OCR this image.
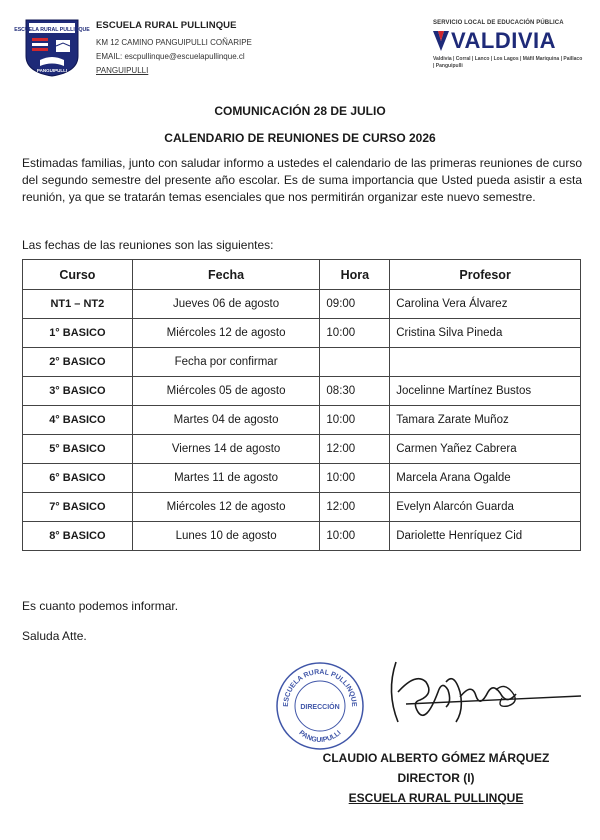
ESCUELA RURAL PULLINQUE
PANGUIPULLI
ESCUELA RURAL PULLINQUE
KM 12 CAMINO PANGUIPULLI COÑARIPE
EMAIL: escpullinque@escuelapullinque.cl
PANGUIPULLI
SERVICIO LOCAL DE EDUCACIÓN PÚBLICA
VALDIVIA
Valdivia | Corral | Lanco | Los Lagos | Máfil Mariquina | Paillaco | Panguipulli
COMUNICACIÓN 28 DE JULIO
CALENDARIO DE REUNIONES DE CURSO 2026
Estimadas familias, junto con saludar informo a ustedes el calendario de las primeras reuniones de curso del segundo semestre del presente año escolar. Es de suma importancia que Usted pueda asistir a esta reunión, ya que se tratarán temas esenciales que nos permitirán organizar este nuevo semestre.
Las fechas de las reuniones son las siguientes:
Curso	Fecha	Hora	Profesor
NT1 – NT2	Jueves 06 de agosto	09:00	Carolina Vera Álvarez
1° BASICO	Miércoles 12 de agosto	10:00	Cristina Silva Pineda
2° BASICO	Fecha por confirmar		
3° BASICO	Miércoles 05 de agosto	08:30	Jocelinne Martínez Bustos
4° BASICO	Martes 04 de agosto	10:00	Tamara Zarate Muñoz
5° BASICO	Viernes 14 de agosto	12:00	Carmen Yañez Cabrera
6° BASICO	Martes 11 de agosto	10:00	Marcela Arana Ogalde
7° BASICO	Miércoles 12 de agosto	12:00	Evelyn Alarcón Guarda
8° BASICO	Lunes 10 de agosto	10:00	Dariolette Henríquez Cid
Es cuanto podemos informar.
Saluda Atte.
ESCUELA RURAL PULLINQUE
DIRECCIÓN
PANGUIPULLI
CLAUDIO ALBERTO GÓMEZ MÁRQUEZ
DIRECTOR (I)
ESCUELA RURAL PULLINQUE
